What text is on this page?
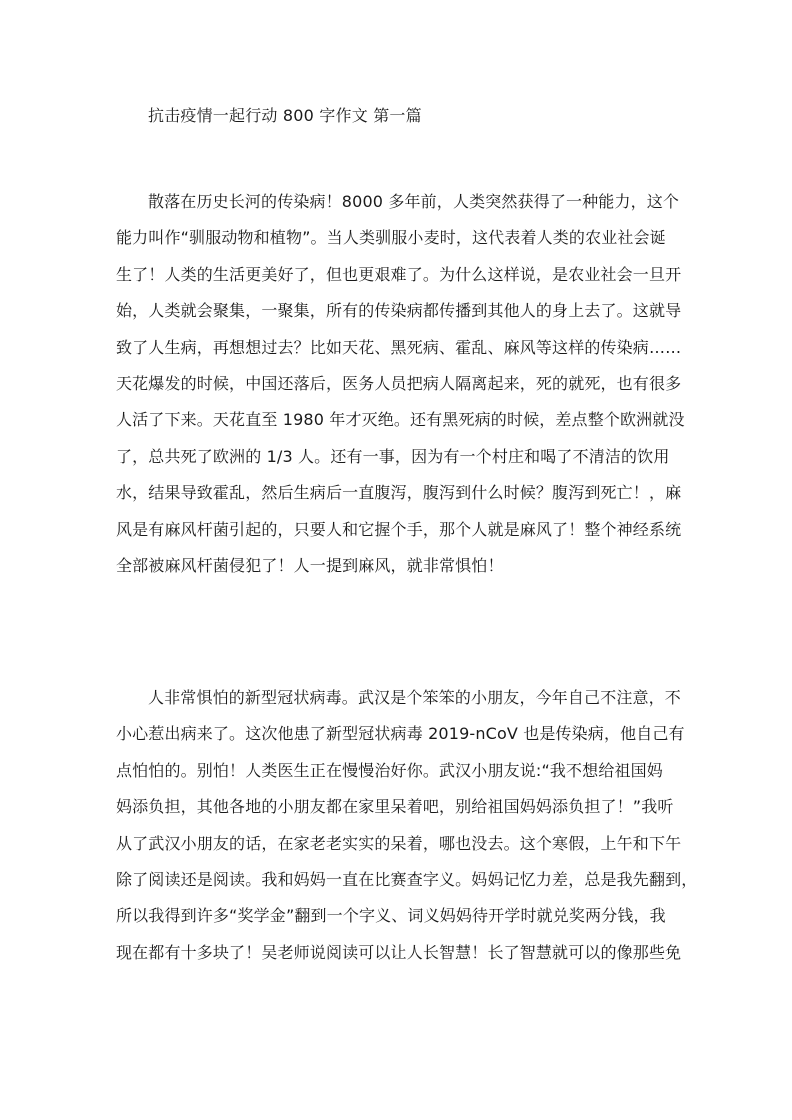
抗击疫情一起行动 800 字作文 第一篇
散落在历史长河的传染病！8000 多年前，人类突然获得了一种能力，这个
能力叫作“驯服动物和植物”。当人类驯服小麦时，这代表着人类的农业社会诞
生了！人类的生活更美好了，但也更艰难了。为什么这样说，是农业社会一旦开
始，人类就会聚集，一聚集，所有的传染病都传播到其他人的身上去了。这就导
致了人生病，再想想过去？比如天花、黑死病、霍乱、麻风等这样的传染病……
天花爆发的时候，中国还落后，医务人员把病人隔离起来，死的就死，也有很多
人活了下来。天花直至 1980 年才灭绝。还有黑死病的时候，差点整个欧洲就没
了，总共死了欧洲的 1/3 人。还有一事，因为有一个村庄和喝了不清洁的饮用
水，结果导致霍乱，然后生病后一直腹泻，腹泻到什么时候？腹泻到死亡！，麻
风是有麻风杆菌引起的，只要人和它握个手，那个人就是麻风了！整个神经系统
全部被麻风杆菌侵犯了！人一提到麻风，就非常惧怕！
人非常惧怕的新型冠状病毒。武汉是个笨笨的小朋友，今年自己不注意，不
小心惹出病来了。这次他患了新型冠状病毒 2019-nCoV 也是传染病，他自己有
点怕怕的。别怕！人类医生正在慢慢治好你。武汉小朋友说:“我不想给祖国妈
妈添负担，其他各地的小朋友都在家里呆着吧，别给祖国妈妈添负担了！”我听
从了武汉小朋友的话，在家老老实实的呆着，哪也没去。这个寒假，上午和下午
除了阅读还是阅读。我和妈妈一直在比赛查字义。妈妈记忆力差，总是我先翻到，
所以我得到许多“奖学金”翻到一个字义、词义妈妈待开学时就兑奖两分钱，我
现在都有十多块了！吴老师说阅读可以让人长智慧！长了智慧就可以的像那些免
